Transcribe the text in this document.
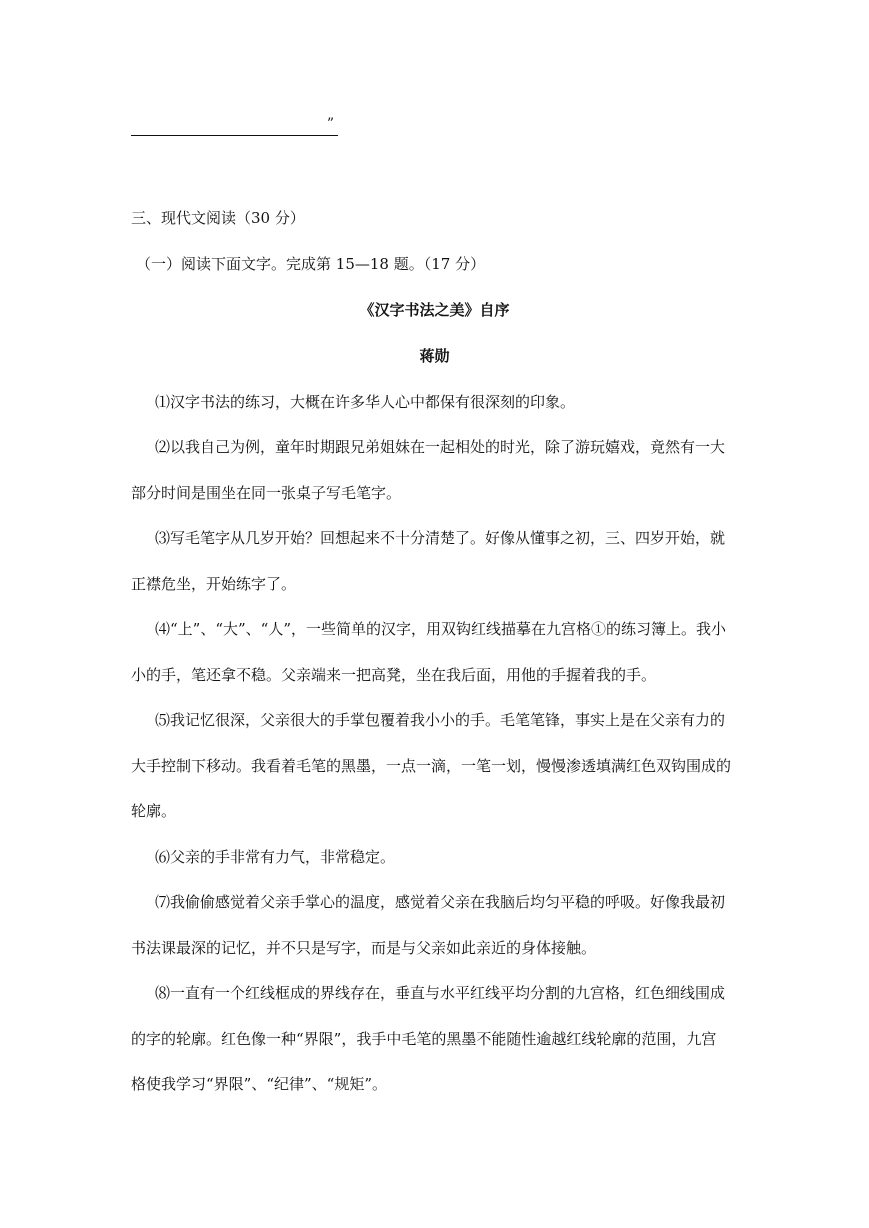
”
三、现代文阅读（30 分）
（一）阅读下面文字。完成第 15—18 题。（17 分）
《汉字书法之美》自序
蒋勋
⑴汉字书法的练习，大概在许多华人心中都保有很深刻的印象。
⑵以我自己为例，童年时期跟兄弟姐妹在一起相处的时光，除了游玩嬉戏，竟然有一大
部分时间是围坐在同一张桌子写毛笔字。
⑶写毛笔字从几岁开始？回想起来不十分清楚了。好像从懂事之初，三、四岁开始，就
正襟危坐，开始练字了。
⑷“上”、“大”、“人”，一些简单的汉字，用双钩红线描摹在九宫格①的练习簿上。我小
小的手，笔还拿不稳。父亲端来一把高凳，坐在我后面，用他的手握着我的手。
⑸我记忆很深，父亲很大的手掌包覆着我小小的手。毛笔笔锋，事实上是在父亲有力的
大手控制下移动。我看着毛笔的黑墨，一点一滴，一笔一划，慢慢渗透填满红色双钩围成的
轮廓。
⑹父亲的手非常有力气，非常稳定。
⑺我偷偷感觉着父亲手掌心的温度，感觉着父亲在我脑后均匀平稳的呼吸。好像我最初
书法课最深的记忆，并不只是写字，而是与父亲如此亲近的身体接触。
⑻一直有一个红线框成的界线存在，垂直与水平红线平均分割的九宫格，红色细线围成
的字的轮廓。红色像一种“界限”，我手中毛笔的黑墨不能随性逾越红线轮廓的范围，九宫
格使我学习“界限”、“纪律”、“规矩”。
